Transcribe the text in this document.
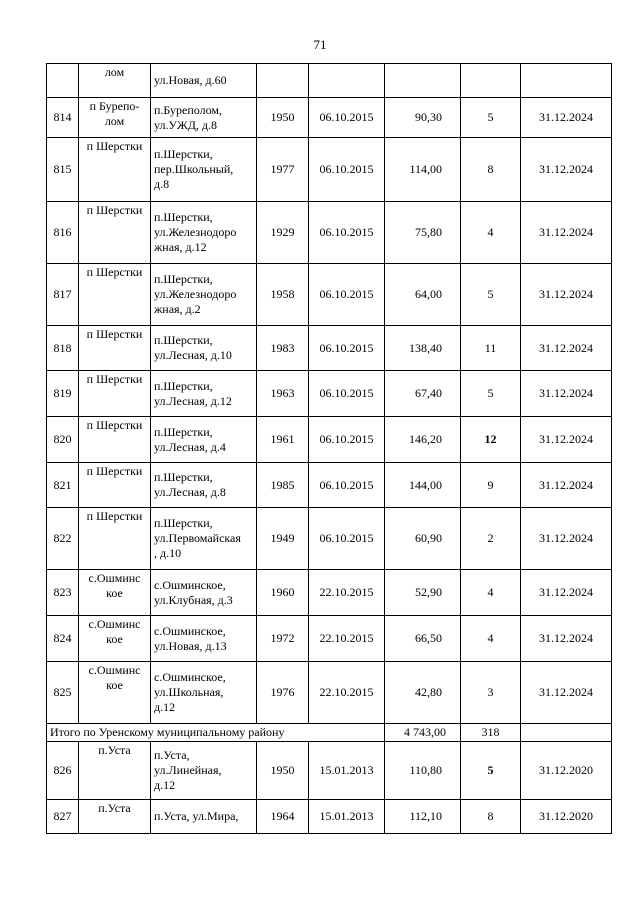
71
	лом	ул.Новая, д.60					
814	п Бурепо-
лом	п.Бурeполом,
ул.УЖД, д.8	1950	06.10.2015	90,30	5	31.12.2024
815	п Шерстки	п.Шерстки,
пер.Школьный,
д.8	1977	06.10.2015	114,00	8	31.12.2024
816	п Шерстки	п.Шерстки,
ул.Железнодоро
жная, д.12	1929	06.10.2015	75,80	4	31.12.2024
817	п Шерстки	п.Шерстки,
ул.Железнодоро
жная, д.2	1958	06.10.2015	64,00	5	31.12.2024
818	п Шерстки	п.Шерстки,
ул.Лесная, д.10	1983	06.10.2015	138,40	11	31.12.2024
819	п Шерстки	п.Шерстки,
ул.Лесная, д.12	1963	06.10.2015	67,40	5	31.12.2024
820	п Шерстки	п.Шерстки,
ул.Лесная, д.4	1961	06.10.2015	146,20	12	31.12.2024
821	п Шерстки	п.Шерстки,
ул.Лесная, д.8	1985	06.10.2015	144,00	9	31.12.2024
822	п Шерстки	п.Шерстки,
ул.Первомайская
, д.10	1949	06.10.2015	60,90	2	31.12.2024
823	с.Ошминс
кое	с.Ошминское,
ул.Клубная, д.3	1960	22.10.2015	52,90	4	31.12.2024
824	с.Ошминс
кое	с.Ошминское,
ул.Новая, д.13	1972	22.10.2015	66,50	4	31.12.2024
825	с.Ошминс
кое	с.Ошминское,
ул.Школьная,
д.12	1976	22.10.2015	42,80	3	31.12.2024
Итого по Уренскому муниципальному району					4 743,00	318	
826	п.Уста	п.Уста,
ул.Линейная,
д.12	1950	15.01.2013	110,80	5	31.12.2020
827	п.Уста	п.Уста, ул.Мира,	1964	15.01.2013	112,10	8	31.12.2020
